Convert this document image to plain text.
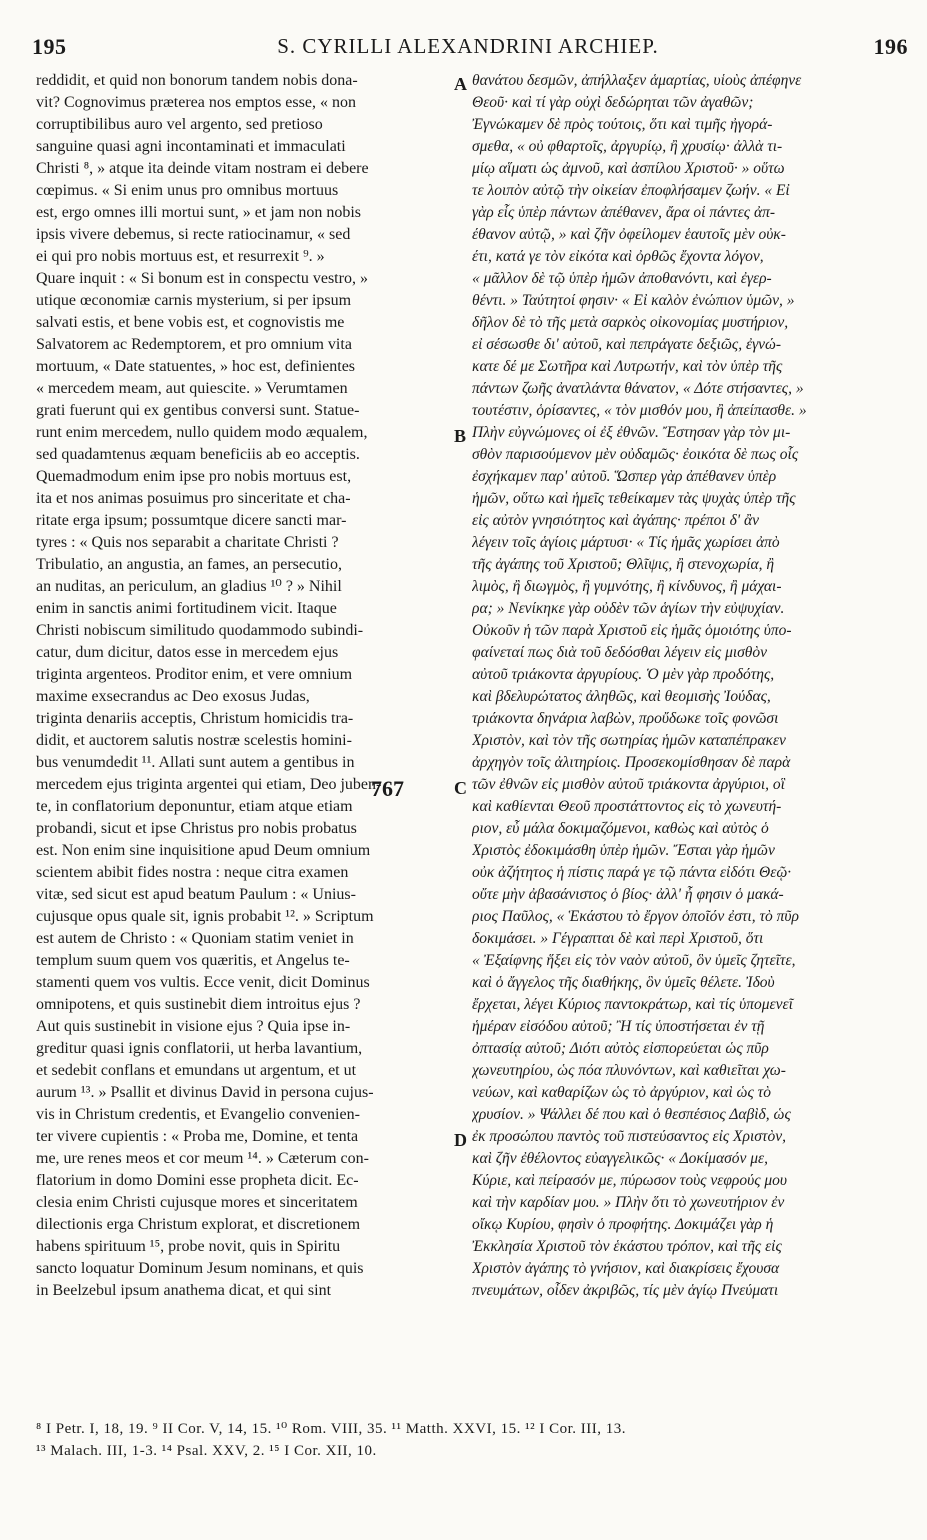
195	S. CYRILLI ALEXANDRINI ARCHIEP.	196
reddidit, et quid non bonorum tandem nobis dona-
vit? Cognovimus præterea nos emptos esse, « non
corruptibilibus auro vel argento, sed pretioso
sanguine quasi agni incontaminati et immaculati
Christi ⁸, » atque ita deinde vitam nostram ei debere
cœpimus. « Si enim unus pro omnibus mortuus
est, ergo omnes illi mortui sunt, » et jam non nobis
ipsis vivere debemus, si recte ratiocinamur, « sed
ei qui pro nobis mortuus est, et resurrexit ⁹. »
Quare inquit : « Si bonum est in conspectu vestro, »
utique œconomiæ carnis mysterium, si per ipsum
salvati estis, et bene vobis est, et cognovistis me
Salvatorem ac Redemptorem, et pro omnium vita
mortuum, « Date statuentes, » hoc est, definientes
« mercedem meam, aut quiescite. » Verumtamen
grati fuerunt qui ex gentibus conversi sunt. Statue-
runt enim mercedem, nullo quidem modo æqualem,
sed quadamtenus æquam beneficiis ab eo acceptis.
Quemadmodum enim ipse pro nobis mortuus est,
ita et nos animas posuimus pro sinceritate et cha-
ritate erga ipsum; possumtque dicere sancti mar-
tyres : « Quis nos separabit a charitate Christi ?
Tribulatio, an angustia, an fames, an persecutio,
an nuditas, an periculum, an gladius ¹⁰ ? » Nihil
enim in sanctis animi fortitudinem vicit. Itaque
Christi nobiscum similitudo quodammodo subindi-
catur, dum dicitur, datos esse in mercedem ejus
triginta argenteos. Proditor enim, et vere omnium
maxime exsecrandus ac Deo exosus Judas,
triginta denariis acceptis, Christum homicidis tra-
didit, et auctorem salutis nostræ scelestis homini-
bus venumdedit ¹¹. Allati sunt autem a gentibus in
mercedem ejus triginta argentei qui etiam, Deo juben-
te, in conflatorium deponuntur, etiam atque etiam
probandi, sicut et ipse Christus pro nobis probatus
est. Non enim sine inquisitione apud Deum omnium
scientem abibit fides nostra : neque citra examen
vitæ, sed sicut est apud beatum Paulum : « Unius-
cujusque opus quale sit, ignis probabit ¹². » Scriptum
est autem de Christo : « Quoniam statim veniet in
templum suum quem vos quæritis, et Angelus te-
stamenti quem vos vultis. Ecce venit, dicit Dominus
omnipotens, et quis sustinebit diem introitus ejus ?
Aut quis sustinebit in visione ejus ? Quia ipse in-
greditur quasi ignis conflatorii, ut herba lavantium,
et sedebit conflans et emundans ut argentum, et ut
aurum ¹³. » Psallit et divinus David in persona cujus-
vis in Christum credentis, et Evangelio convenien-
ter vivere cupientis : « Proba me, Domine, et tenta
me, ure renes meos et cor meum ¹⁴. » Cæterum con-
flatorium in domo Domini esse propheta dicit. Ec-
clesia enim Christi cujusque mores et sinceritatem
dilectionis erga Christum explorat, et discretionem
habens spirituum ¹⁵, probe novit, quis in Spiritu
sancto loquatur Dominum Jesum nominans, et quis
in Beelzebul ipsum anathema dicat, et qui sint
θανάτου δεσμῶν, ἀπήλλαξεν ἁμαρτίας, υἱοὺς ἀπέφηνε
Θεοῦ· καὶ τί γὰρ οὐχὶ δεδώρηται τῶν ἀγαθῶν;
Ἐγνώκαμεν δὲ πρὸς τούτοις, ὅτι καὶ τιμῆς ἠγορά-
σμεθα, « οὐ φθαρτοῖς, ἀργυρίῳ, ἢ χρυσίῳ· ἀλλὰ τι-
μίῳ αἵματι ὡς ἀμνοῦ, καὶ ἀσπίλου Χριστοῦ· » οὕτω
τε λοιπὸν αὐτῷ τὴν οἰκείαν ἐποφλήσαμεν ζωήν. « Εἰ
γὰρ εἷς ὑπὲρ πάντων ἀπέθανεν, ἄρα οἱ πάντες ἀπ-
έθανον αὐτῷ, » καὶ ζῆν ὀφείλομεν ἑαυτοῖς μὲν οὐκ-
έτι, κατά γε τὸν εἰκότα καὶ ὀρθῶς ἔχοντα λόγον,
« μᾶλλον δὲ τῷ ὑπὲρ ἡμῶν ἀποθανόντι, καὶ ἐγερ-
θέντι. » Ταύτητοί φησιν· « Εἰ καλὸν ἐνώπιον ὑμῶν, »
δῆλον δὲ τὸ τῆς μετὰ σαρκὸς οἰκονομίας μυστήριον,
εἰ σέσωσθε δι' αὐτοῦ, καὶ πεπράγατε δεξιῶς, ἐγνώ-
κατε δέ με Σωτῆρα καὶ Λυτρωτήν, καὶ τὸν ὑπὲρ τῆς
πάντων ζωῆς ἀνατλάντα θάνατον, « Δότε στήσαντες, »
τουτέστιν, ὁρίσαντες, « τὸν μισθόν μου, ἢ ἀπείπασθε. »
Πλὴν εὐγνώμονες οἱ ἐξ ἐθνῶν. Ἔστησαν γὰρ τὸν μι-
σθὸν παρισούμενον μὲν οὐδαμῶς· ἐοικότα δὲ πως οἷς
ἐσχήκαμεν παρ' αὐτοῦ. Ὥσπερ γὰρ ἀπέθανεν ὑπὲρ
ἡμῶν, οὕτω καὶ ἡμεῖς τεθείκαμεν τὰς ψυχὰς ὑπὲρ τῆς
εἰς αὐτὸν γνησιότητος καὶ ἀγάπης· πρέποι δ' ἂν
λέγειν τοῖς ἁγίοις μάρτυσι· « Τίς ἡμᾶς χωρίσει ἀπὸ
τῆς ἀγάπης τοῦ Χριστοῦ; Θλῖψις, ἢ στενοχωρία, ἢ
λιμὸς, ἢ διωγμὸς, ἢ γυμνότης, ἢ κίνδυνος, ἢ μάχαι-
ρα; » Νενίκηκε γὰρ οὐδὲν τῶν ἁγίων τὴν εὐψυχίαν.
Οὐκοῦν ἡ τῶν παρὰ Χριστοῦ εἰς ἡμᾶς ὁμοιότης ὑπο-
φαίνεταί πως διὰ τοῦ δεδόσθαι λέγειν εἰς μισθὸν
αὐτοῦ τριάκοντα ἀργυρίους. Ὁ μὲν γὰρ προδότης,
καὶ βδελυρώτατος ἀληθῶς, καὶ θεομισὴς Ἰούδας,
τριάκοντα δηνάρια λαβὼν, προὔδωκε τοῖς φονῶσι
Χριστὸν, καὶ τὸν τῆς σωτηρίας ἡμῶν καταπέπρακεν
ἀρχηγὸν τοῖς ἀλιτηρίοις. Προσεκομίσθησαν δὲ παρὰ
τῶν ἐθνῶν εἰς μισθὸν αὐτοῦ τριάκοντα ἀργύριοι, οἳ
καὶ καθίενται Θεοῦ προστάττοντος εἰς τὸ χωνευτή-
ριον, εὖ μάλα δοκιμαζόμενοι, καθὼς καὶ αὐτὸς ὁ
Χριστὸς ἐδοκιμάσθη ὑπὲρ ἡμῶν. Ἔσται γὰρ ἡμῶν
οὐκ ἀζήτητος ἡ πίστις παρά γε τῷ πάντα εἰδότι Θεῷ·
οὔτε μὴν ἀβασάνιστος ὁ βίος· ἀλλ' ἦ φησιν ὁ μακά-
ριος Παῦλος, « Ἑκάστου τὸ ἔργον ὁποῖόν ἐστι, τὸ πῦρ
δοκιμάσει. » Γέγραπται δὲ καὶ περὶ Χριστοῦ, ὅτι
« Ἐξαίφνης ἥξει εἰς τὸν ναὸν αὐτοῦ, ὃν ὑμεῖς ζητεῖτε,
καὶ ὁ ἄγγελος τῆς διαθήκης, ὃν ὑμεῖς θέλετε. Ἰδοὺ
ἔρχεται, λέγει Κύριος παντοκράτωρ, καὶ τίς ὑπομενεῖ
ἡμέραν εἰσόδου αὐτοῦ; Ἢ τίς ὑποστήσεται ἐν τῇ
ὀπτασίᾳ αὐτοῦ; Διότι αὐτὸς εἰσπορεύεται ὡς πῦρ
χωνευτηρίου, ὡς πόα πλυνόντων, καὶ καθιεῖται χω-
νεύων, καὶ καθαρίζων ὡς τὸ ἀργύριον, καὶ ὡς τὸ
χρυσίον. » Ψάλλει δέ που καὶ ὁ θεσπέσιος Δαβὶδ, ὡς
ἐκ προσώπου παντὸς τοῦ πιστεύσαντος εἰς Χριστὸν,
καὶ ζῆν ἐθέλοντος εὐαγγελικῶς· « Δοκίμασόν με,
Κύριε, καὶ πείρασόν με, πύρωσον τοὺς νεφρούς μου
καὶ τὴν καρδίαν μου. » Πλὴν ὅτι τὸ χωνευτήριον ἐν
οἴκῳ Κυρίου, φησὶν ὁ προφήτης. Δοκιμάζει γὰρ ἡ
Ἐκκλησία Χριστοῦ τὸν ἑκάστου τρόπον, καὶ τῆς εἰς
Χριστὸν ἀγάπης τὸ γνήσιον, καὶ διακρίσεις ἔχουσα
πνευμάτων, οἶδεν ἀκριβῶς, τίς μὲν ἁγίῳ Πνεύματι
A
B
C
D
767
⁸ I Petr. I, 18, 19. ⁹ II Cor. V, 14, 15. ¹⁰ Rom. VIII, 35. ¹¹ Matth. XXVI, 15. ¹² I Cor. III, 13.
¹³ Malach. III, 1-3. ¹⁴ Psal. XXV, 2. ¹⁵ I Cor. XII, 10.
